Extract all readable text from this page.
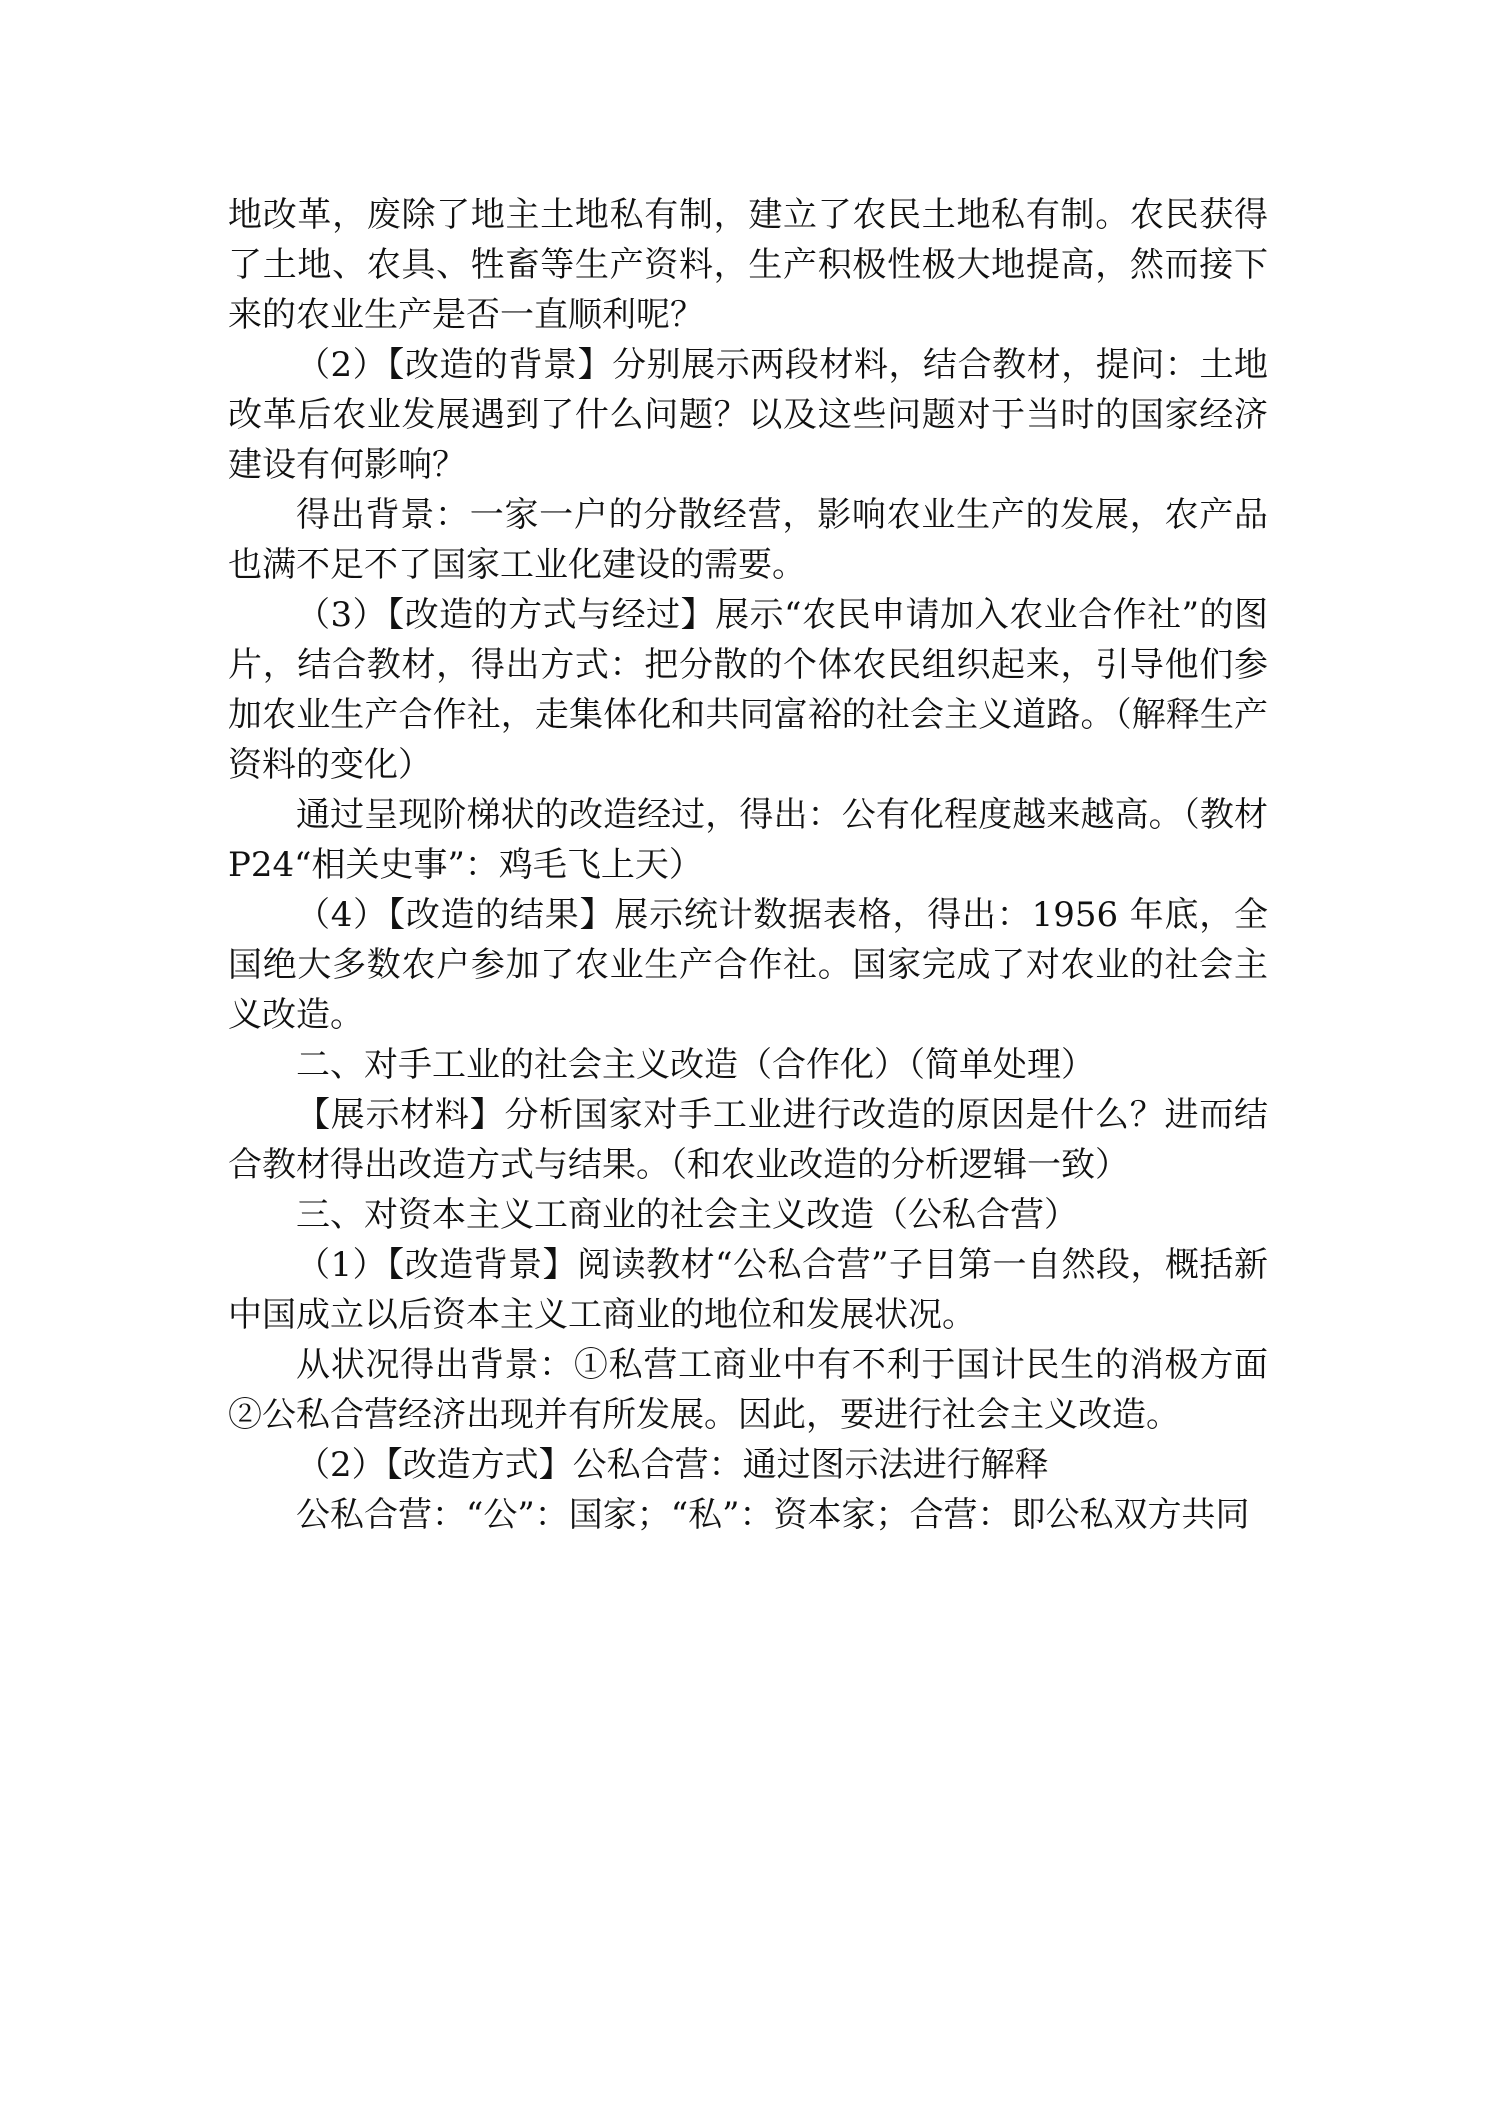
地改革，废除了地主土地私有制，建立了农民土地私有制。农民获得了土地、农具、牲畜等生产资料，生产积极性极大地提高，然而接下来的农业生产是否一直顺利呢？

（2）【改造的背景】分别展示两段材料，结合教材，提问：土地改革后农业发展遇到了什么问题？以及这些问题对于当时的国家经济建设有何影响？

得出背景：一家一户的分散经营，影响农业生产的发展，农产品也满不足不了国家工业化建设的需要。

（3）【改造的方式与经过】展示“农民申请加入农业合作社”的图片，结合教材，得出方式：把分散的个体农民组织起来，引导他们参加农业生产合作社，走集体化和共同富裕的社会主义道路。（解释生产资料的变化）

通过呈现阶梯状的改造经过，得出：公有化程度越来越高。（教材 P24“相关史事”：鸡毛飞上天）

（4）【改造的结果】展示统计数据表格，得出：1956 年底，全国绝大多数农户参加了农业生产合作社。国家完成了对农业的社会主义改造。

二、对手工业的社会主义改造（合作化）（简单处理）

【展示材料】分析国家对手工业进行改造的原因是什么？进而结合教材得出改造方式与结果。（和农业改造的分析逻辑一致）

三、对资本主义工商业的社会主义改造（公私合营）

（1）【改造背景】阅读教材“公私合营”子目第一自然段，概括新中国成立以后资本主义工商业的地位和发展状况。

从状况得出背景：①私营工商业中有不利于国计民生的消极方面②公私合营经济出现并有所发展。因此，要进行社会主义改造。

（2）【改造方式】公私合营：通过图示法进行解释

公私合营：“公”：国家；“私”：资本家；合营：即公私双方共同
